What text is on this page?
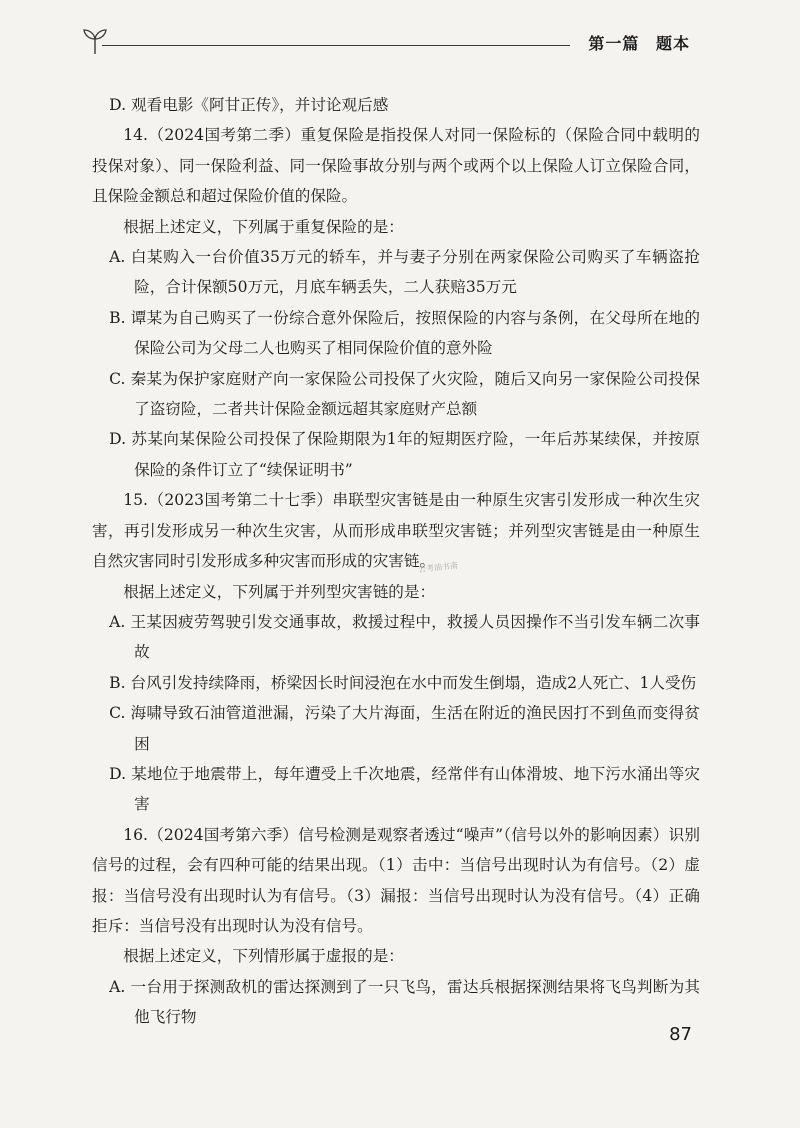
第一篇 题本

D. 观看电影《阿甘正传》，并讨论观后感

14.（2024国考第二季）重复保险是指投保人对同一保险标的（保险合同中载明的投保对象）、同一保险利益、同一保险事故分别与两个或两个以上保险人订立保险合同，且保险金额总和超过保险价值的保险。

根据上述定义，下列属于重复保险的是：

A. 白某购入一台价值35万元的轿车，并与妻子分别在两家保险公司购买了车辆盗抢险，合计保额50万元，月底车辆丢失，二人获赔35万元

B. 谭某为自己购买了一份综合意外保险后，按照保险的内容与条例，在父母所在地的保险公司为父母二人也购买了相同保险价值的意外险

C. 秦某为保护家庭财产向一家保险公司投保了火灾险，随后又向另一家保险公司投保了盗窃险，二者共计保险金额远超其家庭财产总额

D. 苏某向某保险公司投保了保险期限为1年的短期医疗险，一年后苏某续保，并按原保险的条件订立了“续保证明书”

15.（2023国考第二十七季）串联型灾害链是由一种原生灾害引发形成一种次生灾害，再引发形成另一种次生灾害，从而形成串联型灾害链；并列型灾害链是由一种原生自然灾害同时引发形成多种灾害而形成的灾害链。

根据上述定义，下列属于并列型灾害链的是：

A. 王某因疲劳驾驶引发交通事故，救援过程中，救援人员因操作不当引发车辆二次事故

B. 台风引发持续降雨，桥梁因长时间浸泡在水中而发生倒塌，造成2人死亡、1人受伤

C. 海啸导致石油管道泄漏，污染了大片海面，生活在附近的渔民因打不到鱼而变得贫困

D. 某地位于地震带上，每年遭受上千次地震，经常伴有山体滑坡、地下污水涌出等灾害

16.（2024国考第六季）信号检测是观察者透过“噪声”（信号以外的影响因素）识别信号的过程，会有四种可能的结果出现。（1）击中：当信号出现时认为有信号。（2）虚报：当信号没有出现时认为有信号。（3）漏报：当信号出现时认为没有信号。（4）正确拒斥：当信号没有出现时认为没有信号。

根据上述定义，下列情形属于虚报的是：

A. 一台用于探测敌机的雷达探测到了一只飞鸟，雷达兵根据探测结果将飞鸟判断为其他飞行物

公考油书斋
87
